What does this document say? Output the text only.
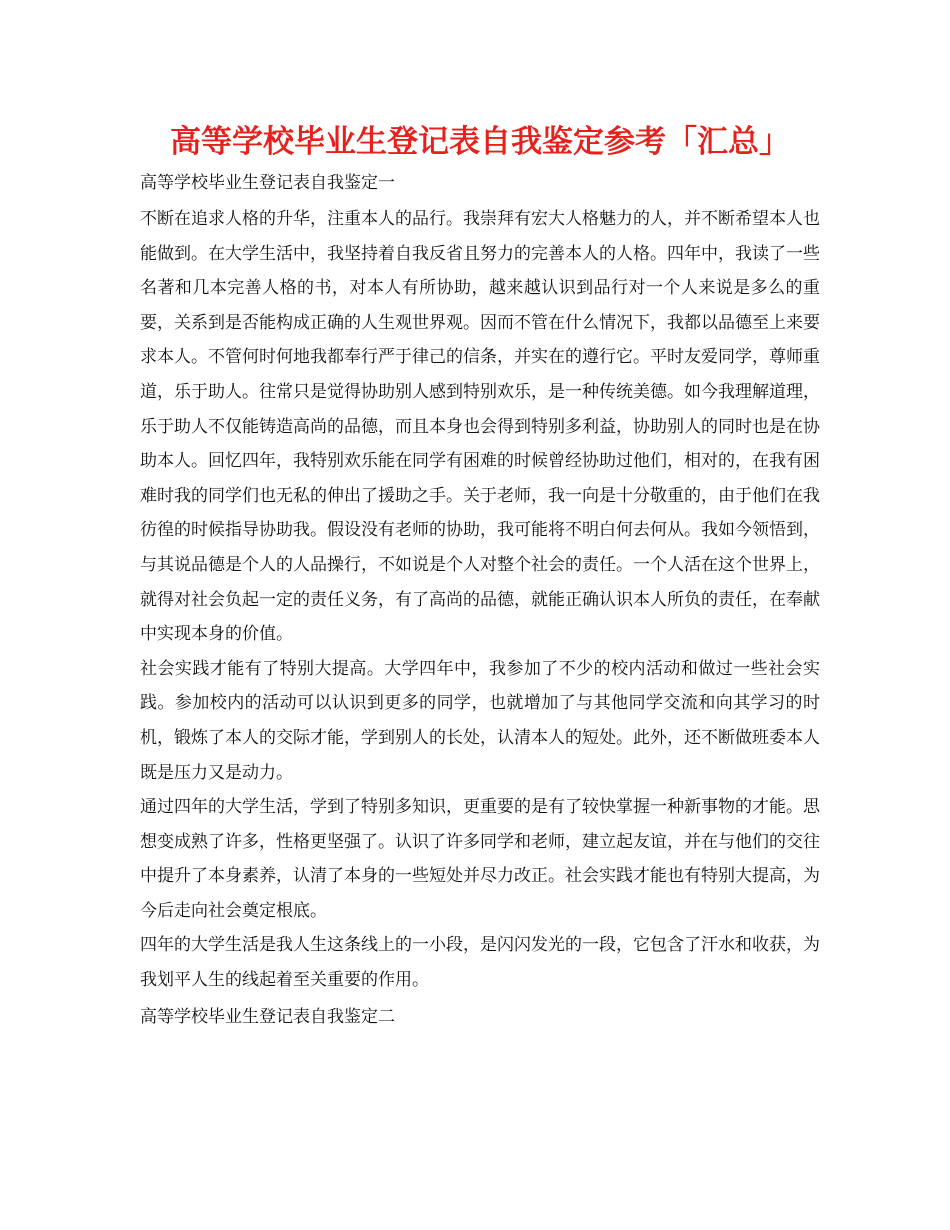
高等学校毕业生登记表自我鉴定参考「汇总」
高等学校毕业生登记表自我鉴定一

不断在追求人格的升华，注重本人的品行。我崇拜有宏大人格魅力的人，并不断希望本人也能做到。在大学生活中，我坚持着自我反省且努力的完善本人的人格。四年中，我读了一些名著和几本完善人格的书，对本人有所协助，越来越认识到品行对一个人来说是多么的重要，关系到是否能构成正确的人生观世界观。因而不管在什么情况下，我都以品德至上来要求本人。不管何时何地我都奉行严于律己的信条，并实在的遵行它。平时友爱同学，尊师重道，乐于助人。往常只是觉得协助别人感到特别欢乐，是一种传统美德。如今我理解道理，乐于助人不仅能铸造高尚的品德，而且本身也会得到特别多利益，协助别人的同时也是在协助本人。回忆四年，我特别欢乐能在同学有困难的时候曾经协助过他们，相对的，在我有困难时我的同学们也无私的伸出了援助之手。关于老师，我一向是十分敬重的，由于他们在我彷徨的时候指导协助我。假设没有老师的协助，我可能将不明白何去何从。我如今领悟到，与其说品德是个人的人品操行，不如说是个人对整个社会的责任。一个人活在这个世界上，就得对社会负起一定的责任义务，有了高尚的品德，就能正确认识本人所负的责任，在奉献中实现本身的价值。

社会实践才能有了特别大提高。大学四年中，我参加了不少的校内活动和做过一些社会实践。参加校内的活动可以认识到更多的同学，也就增加了与其他同学交流和向其学习的时机，锻炼了本人的交际才能，学到别人的长处，认清本人的短处。此外，还不断做班委本人既是压力又是动力。

通过四年的大学生活，学到了特别多知识，更重要的是有了较快掌握一种新事物的才能。思想变成熟了许多，性格更坚强了。认识了许多同学和老师，建立起友谊，并在与他们的交往中提升了本身素养，认清了本身的一些短处并尽力改正。社会实践才能也有特别大提高，为今后走向社会奠定根底。

四年的大学生活是我人生这条线上的一小段，是闪闪发光的一段，它包含了汗水和收获，为我划平人生的线起着至关重要的作用。

高等学校毕业生登记表自我鉴定二
